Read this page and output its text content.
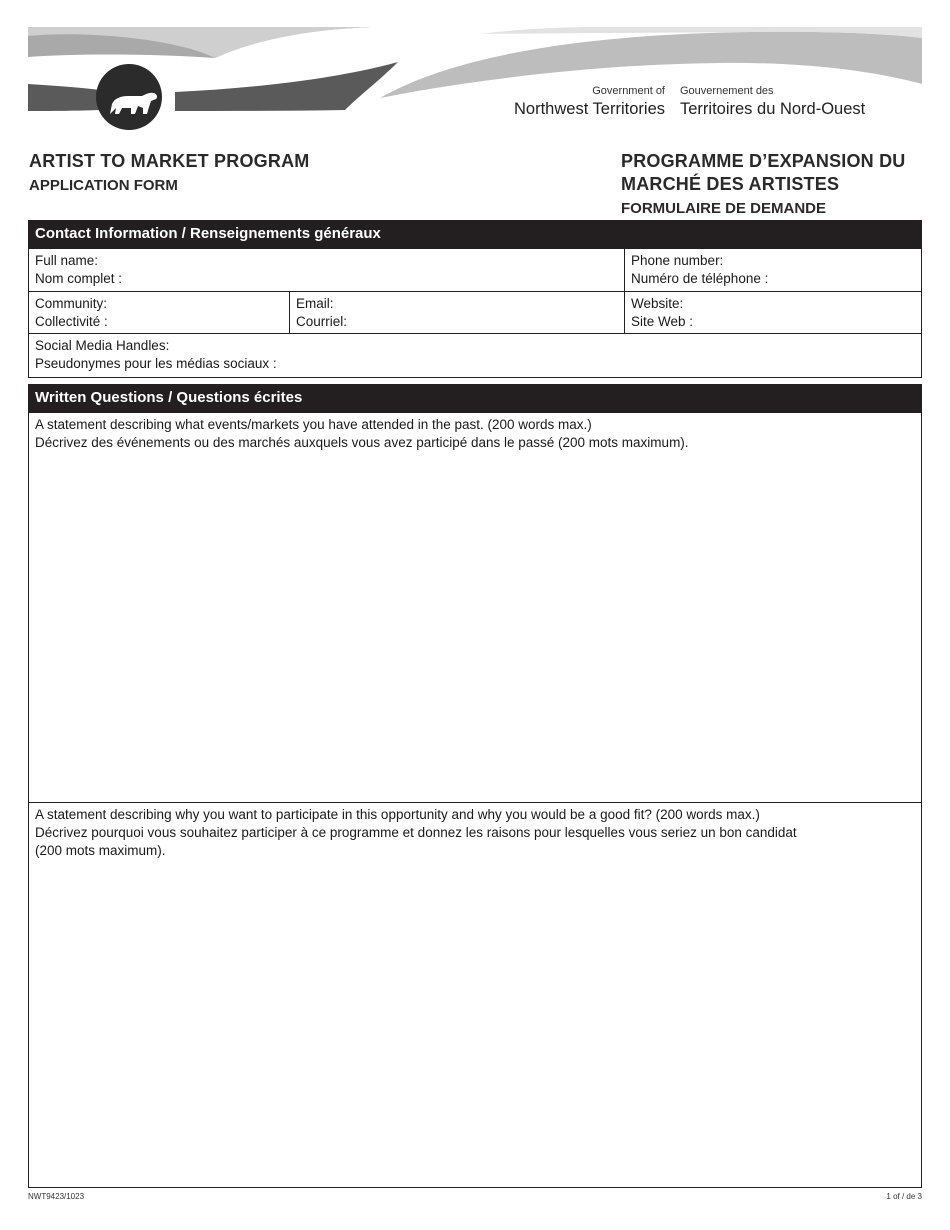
Government of
Northwest Territories
Gouvernement des
Territoires du Nord-Ouest
ARTIST TO MARKET PROGRAM
APPLICATION FORM
PROGRAMME D’EXPANSION DU
MARCHÉ DES ARTISTES
FORMULAIRE DE DEMANDE
Contact Information / Renseignements généraux
Full name:
Nom complet :
Phone number:
Numéro de téléphone :
Community:
Collectivité :
Email:
Courriel:
Website:
Site Web :
Social Media Handles:
Pseudonymes pour les médias sociaux :
Written Questions / Questions écrites
A statement describing what events/markets you have attended in the past. (200 words max.)
Décrivez des événements ou des marchés auxquels vous avez participé dans le passé (200 mots maximum).
A statement describing why you want to participate in this opportunity and why you would be a good fit? (200 words max.)
Décrivez pourquoi vous souhaitez participer à ce programme et donnez les raisons pour lesquelles vous seriez un bon candidat
(200 mots maximum).
NWT9423/1023	1 of / de 3
